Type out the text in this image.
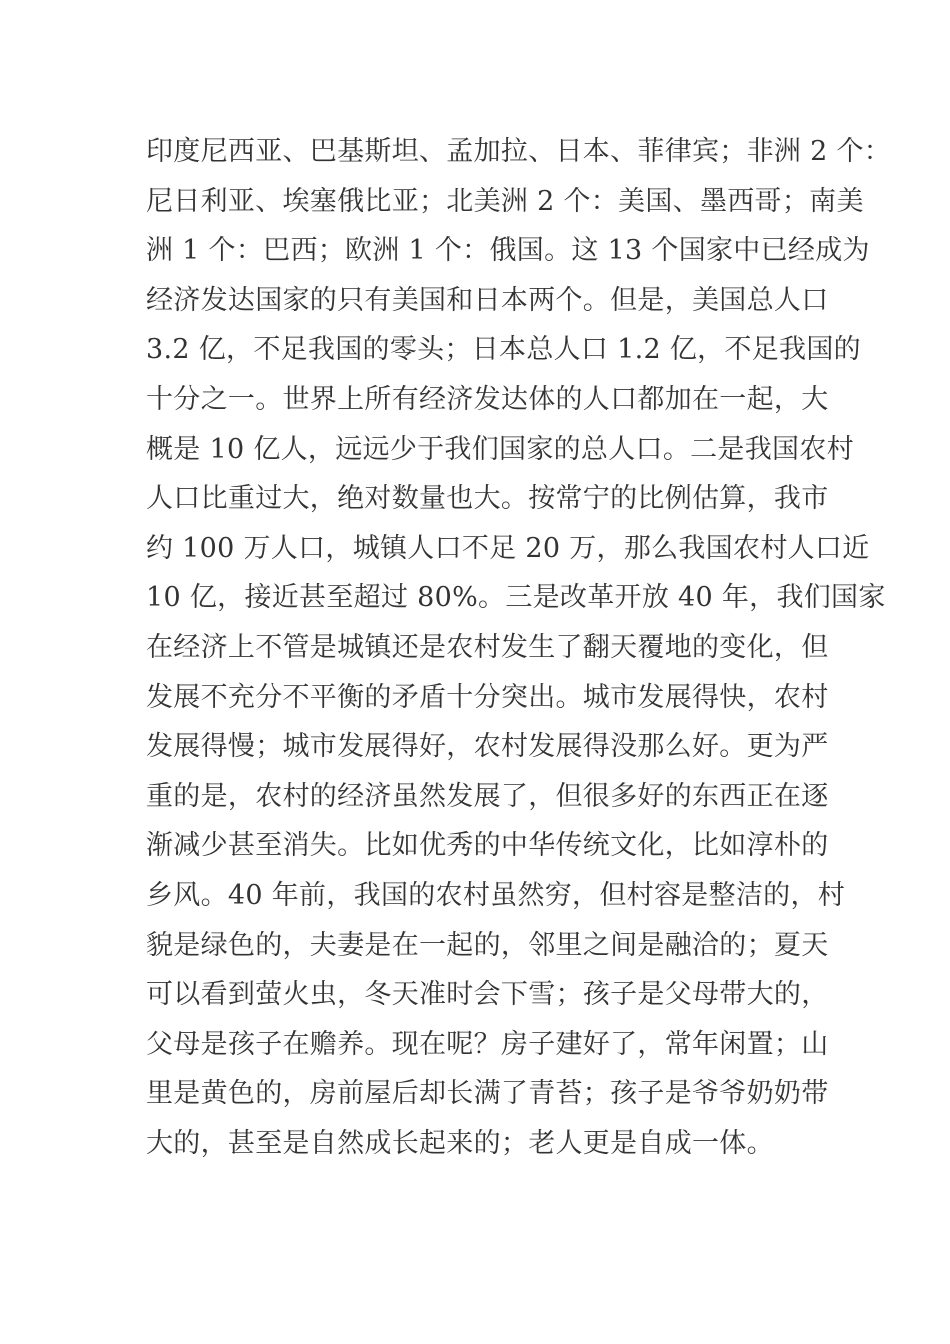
印度尼西亚、巴基斯坦、孟加拉、日本、菲律宾；非洲 2 个：
尼日利亚、埃塞俄比亚；北美洲 2 个：美国、墨西哥；南美
洲 1 个：巴西；欧洲 1 个：俄国。这 13 个国家中已经成为
经济发达国家的只有美国和日本两个。但是，美国总人口
3.2 亿，不足我国的零头；日本总人口 1.2 亿，不足我国的
十分之一。世界上所有经济发达体的人口都加在一起，大
概是 10 亿人，远远少于我们国家的总人口。二是我国农村
人口比重过大，绝对数量也大。按常宁的比例估算，我市
约 100 万人口，城镇人口不足 20 万，那么我国农村人口近
10 亿，接近甚至超过 80%。三是改革开放 40 年，我们国家
在经济上不管是城镇还是农村发生了翻天覆地的变化，但
发展不充分不平衡的矛盾十分突出。城市发展得快，农村
发展得慢；城市发展得好，农村发展得没那么好。更为严
重的是，农村的经济虽然发展了，但很多好的东西正在逐
渐减少甚至消失。比如优秀的中华传统文化，比如淳朴的
乡风。40 年前，我国的农村虽然穷，但村容是整洁的，村
貌是绿色的，夫妻是在一起的，邻里之间是融洽的；夏天
可以看到萤火虫，冬天准时会下雪；孩子是父母带大的，
父母是孩子在赡养。现在呢？房子建好了，常年闲置；山
里是黄色的，房前屋后却长满了青苔；孩子是爷爷奶奶带
大的，甚至是自然成长起来的；老人更是自成一体。
